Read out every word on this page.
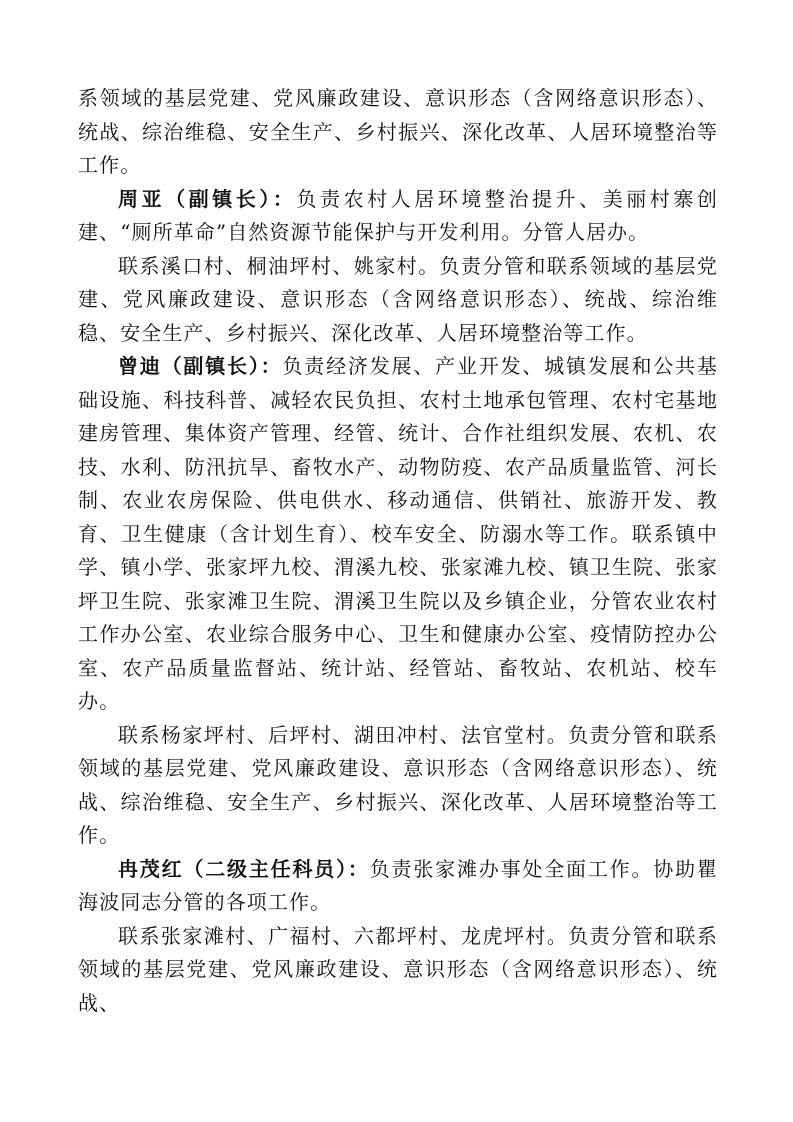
系领域的基层党建、党风廉政建设、意识形态（含网络意识形态）、统战、综治维稳、安全生产、乡村振兴、深化改革、人居环境整治等工作。

周亚（副镇长）：负责农村人居环境整治提升、美丽村寨创建、“厕所革命”自然资源节能保护与开发利用。分管人居办。

联系溪口村、桐油坪村、姚家村。负责分管和联系领域的基层党建、党风廉政建设、意识形态（含网络意识形态）、统战、综治维稳、安全生产、乡村振兴、深化改革、人居环境整治等工作。

曾迪（副镇长）：负责经济发展、产业开发、城镇发展和公共基础设施、科技科普、减轻农民负担、农村土地承包管理、农村宅基地建房管理、集体资产管理、经管、统计、合作社组织发展、农机、农技、水利、防汛抗旱、畜牧水产、动物防疫、农产品质量监管、河长制、农业农房保险、供电供水、移动通信、供销社、旅游开发、教育、卫生健康（含计划生育）、校车安全、防溺水等工作。联系镇中学、镇小学、张家坪九校、渭溪九校、张家滩九校、镇卫生院、张家坪卫生院、张家滩卫生院、渭溪卫生院以及乡镇企业，分管农业农村工作办公室、农业综合服务中心、卫生和健康办公室、疫情防控办公室、农产品质量监督站、统计站、经管站、畜牧站、农机站、校车办。

联系杨家坪村、后坪村、湖田冲村、法官堂村。负责分管和联系领域的基层党建、党风廉政建设、意识形态（含网络意识形态）、统战、综治维稳、安全生产、乡村振兴、深化改革、人居环境整治等工作。

冉茂红（二级主任科员）：负责张家滩办事处全面工作。协助瞿海波同志分管的各项工作。

联系张家滩村、广福村、六都坪村、龙虎坪村。负责分管和联系领域的基层党建、党风廉政建设、意识形态（含网络意识形态）、统战、
